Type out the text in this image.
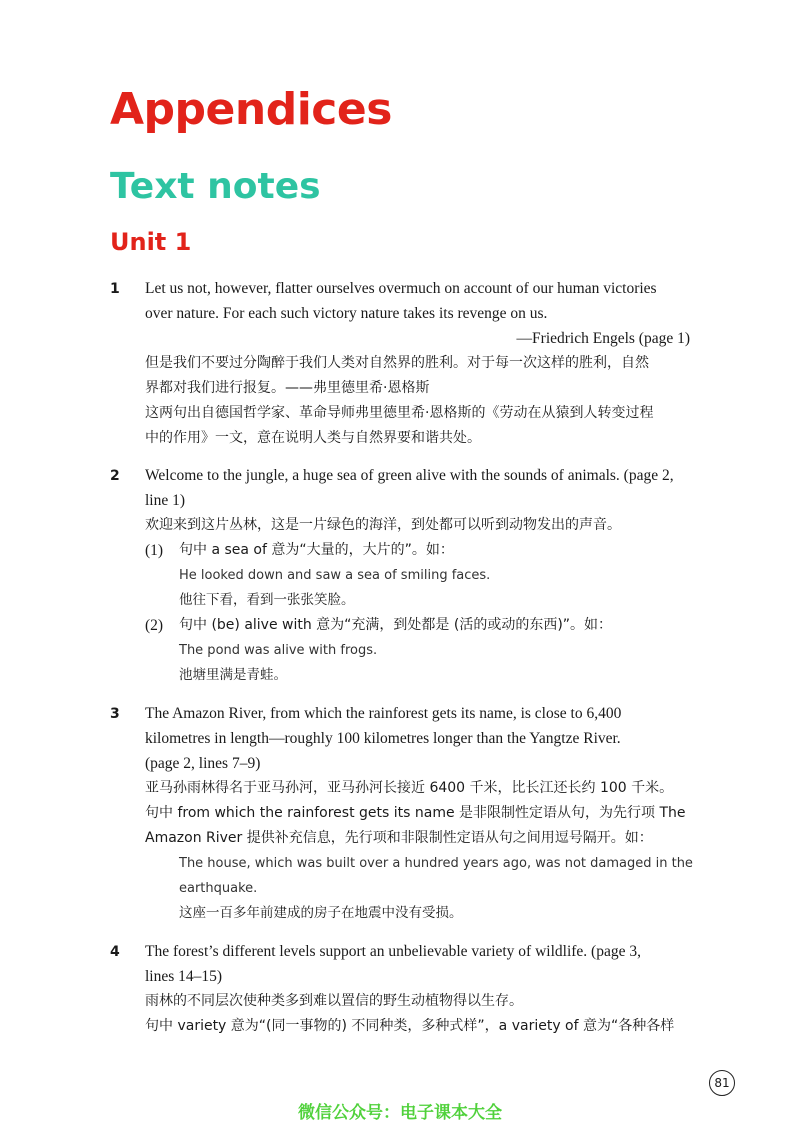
Appendices
Text notes
Unit 1
1 Let us not, however, flatter ourselves overmuch on account of our human victories
over nature. For each such victory nature takes its revenge on us.
—Friedrich Engels (page 1)
但是我们不要过分陶醉于我们人类对自然界的胜利。对于每一次这样的胜利，自然
界都对我们进行报复。——弗里德里希·恩格斯
这两句出自德国哲学家、革命导师弗里德里希·恩格斯的《劳动在从猿到人转变过程
中的作用》一文，意在说明人类与自然界要和谐共处。
2 Welcome to the jungle, a huge sea of green alive with the sounds of animals. (page 2,
line 1)
欢迎来到这片丛林，这是一片绿色的海洋，到处都可以听到动物发出的声音。
(1) 句中 a sea of 意为“大量的，大片的”。如：
He looked down and saw a sea of smiling faces.
他往下看，看到一张张笑脸。
(2) 句中 (be) alive with 意为“充满，到处都是 (活的或动的东西)”。如：
The pond was alive with frogs.
池塘里满是青蛙。
3 The Amazon River, from which the rainforest gets its name, is close to 6,400
kilometres in length—roughly 100 kilometres longer than the Yangtze River.
(page 2, lines 7–9)
亚马孙雨林得名于亚马孙河，亚马孙河长接近 6400 千米，比长江还长约 100 千米。
句中 from which the rainforest gets its name 是非限制性定语从句，为先行项 The
Amazon River 提供补充信息，先行项和非限制性定语从句之间用逗号隔开。如：
The house, which was built over a hundred years ago, was not damaged in the
earthquake.
这座一百多年前建成的房子在地震中没有受损。
4 The forest’s different levels support an unbelievable variety of wildlife. (page 3,
lines 14–15)
雨林的不同层次使种类多到难以置信的野生动植物得以生存。
句中 variety 意为“(同一事物的) 不同种类，多种式样”，a variety of 意为“各种各样
81
微信公众号：电子课本大全
